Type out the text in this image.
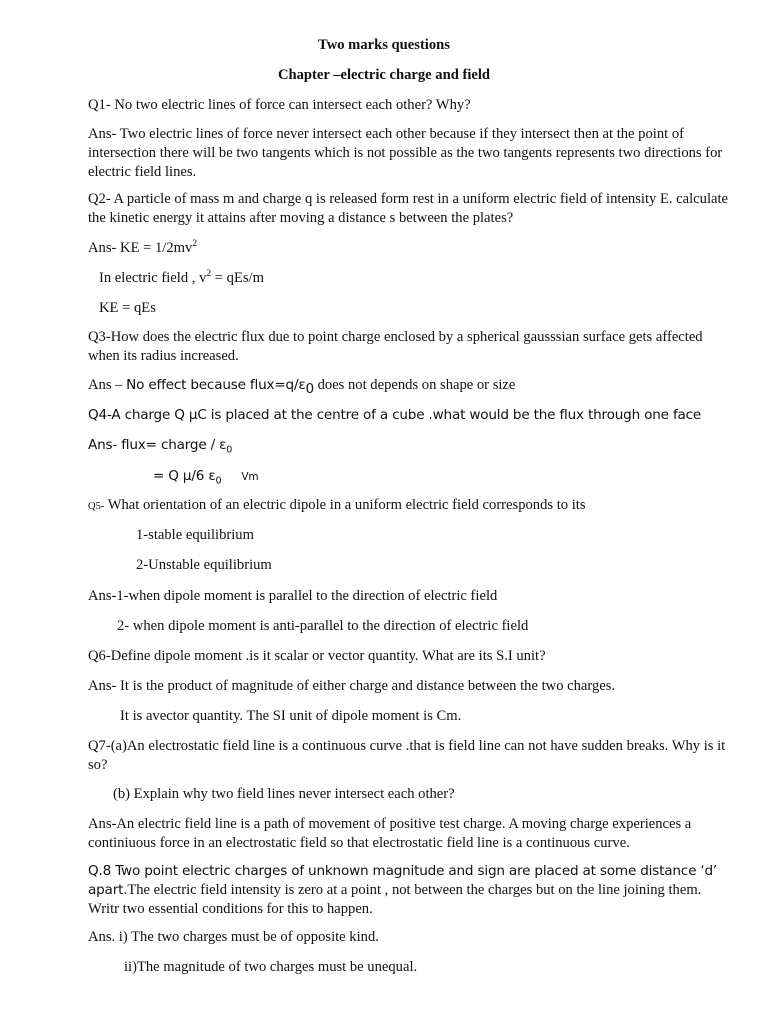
Two marks questions
Chapter –electric charge and field
Q1- No two electric lines of force can intersect each other? Why?
Ans- Two electric lines of force never intersect each other because if they intersect then at the point of intersection there will be two tangents which is not possible as the two tangents represents two directions for electric field lines.
Q2- A particle of mass m and charge q is released form rest in a uniform electric field of intensity E. calculate the kinetic energy it attains after moving a distance s between the plates?
Ans- KE = $1/2mv^2$
In electric field , $v^2 = qEs/m$
KE = qEs
Q3-How does the electric flux due to point charge enclosed by a spherical gausssian surface gets affected when its radius increased.
Ans – No effect because $flux=q/\varepsilon_0$ does not depends on shape or size
Q4-A charge Q μC is placed at the centre of a cube .what would be the flux through one face
Ans- flux= charge / $\varepsilon_0$
= Q μ/6 $\varepsilon_0$ Vm
Q5- What orientation of an electric dipole in a uniform electric field corresponds to its
1-stable equilibrium
2-Unstable equilibrium
Ans-1-when dipole moment is parallel to the direction of electric field
2- when dipole moment is anti-parallel to the direction of electric field
Q6-Define dipole moment .is it scalar or vector quantity. What are its S.I unit?
Ans- It is the product of magnitude of either charge and distance between the two charges.
It is avector quantity. The SI unit of dipole moment is Cm.
Q7-(a)An electrostatic field line is a continuous curve .that is field line can not have sudden breaks. Why is it so?
(b) Explain why two field lines never intersect each other?
Ans-An electric field line is a path of movement of positive test charge. A moving charge experiences a continiuous force in an electrostatic field so that electrostatic field line is a continuous curve.
Q.8 Two point electric charges of unknown magnitude and sign are placed at some distance ‘d’ apart.The electric field intensity is zero at a point , not between the charges but on the line joining them. Writr two essential conditions for this to happen.
Ans. i) The two charges must be of opposite kind.
ii)The magnitude of two charges must be unequal.
